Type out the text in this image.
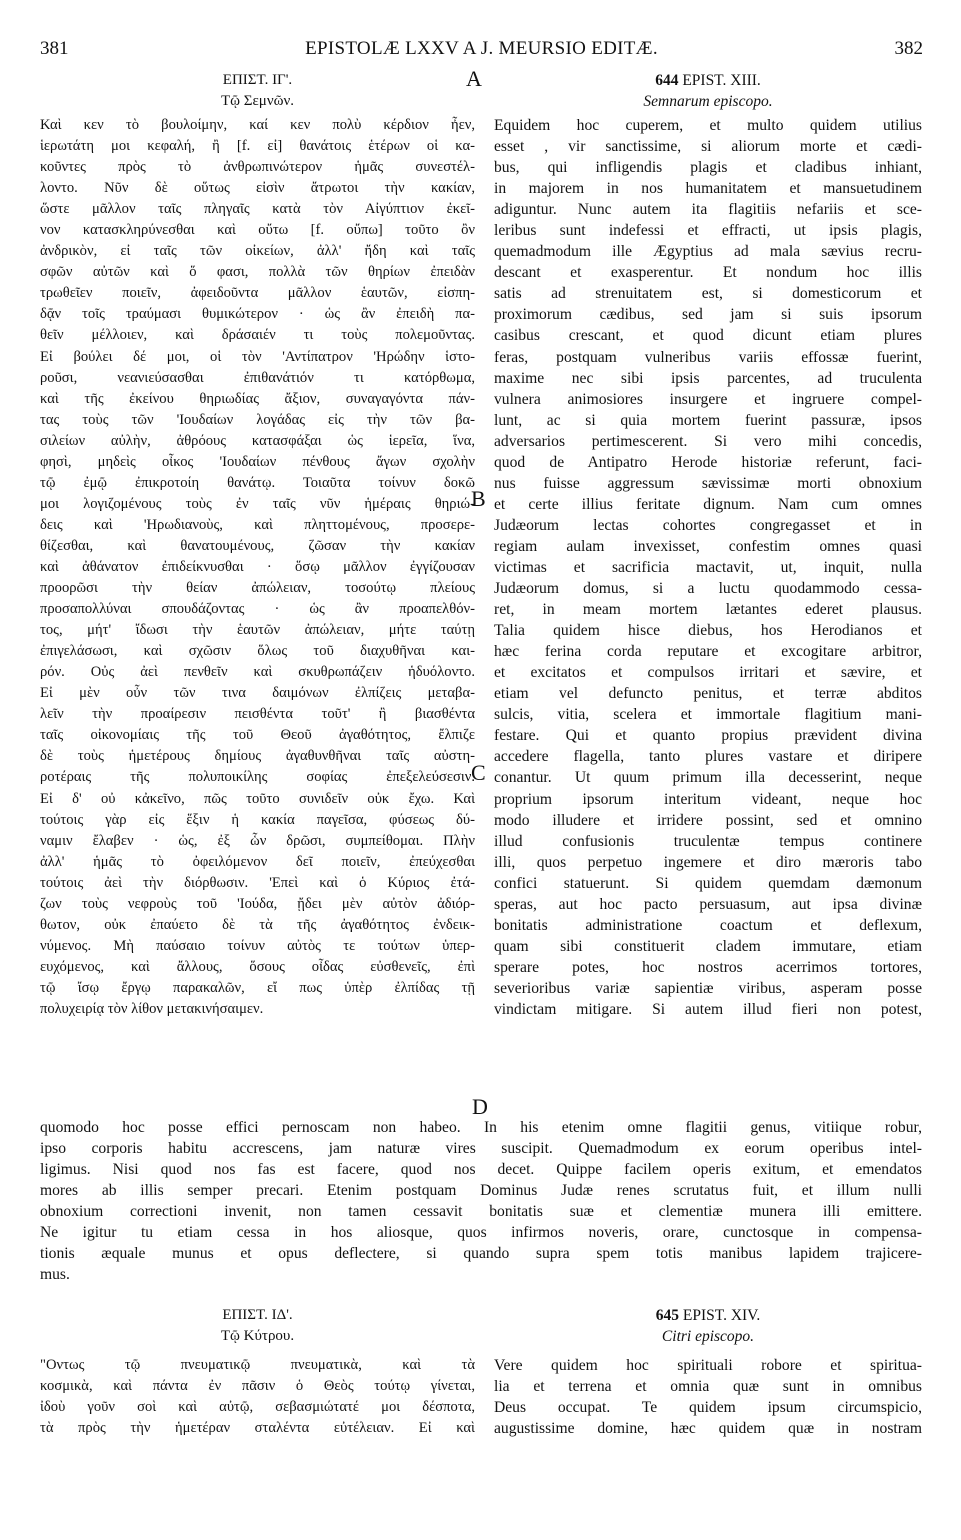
381	EPISTOLÆ LXXV A J. MEURSIO EDITÆ.	382
ΕΠΙΣΤ. ΙΓ'.
Τῷ Σεμνῶν.
644 EPIST. XIII.
Semnarum episcopo.
A
B
C
D
Καὶ κεν τὸ βουλοίμην, καί κεν πολὺ κέρδιον ἦεν,
ἱερωτάτη μοι κεφαλή, ἢ [f. εἰ] θανάτοις ἑτέρων οἱ κα-
κοῦντες πρὸς τὸ ἀνθρωπινώτερον ἡμᾶς συνεστέλ-
λοντο. Νῦν δὲ οὕτως εἰσὶν ἄτρωτοι τὴν κακίαν,
ὥστε μᾶλλον ταῖς πληγαῖς κατὰ τὸν Αἰγύπτιον ἐκεῖ-
νον κατασκληρύνεσθαι καὶ οὔτω [f. οὔπω] τοῦτο ὂν
ἀνδρικὸν, εἰ ταῖς τῶν οἰκείων, ἀλλ' ἤδη καὶ ταῖς
σφῶν αὐτῶν καὶ ὅ φασι, πολλὰ τῶν θηρίων ἐπειδὰν
τρωθεῖεν ποιεῖν, ἀφειδοῦντα μᾶλλον ἑαυτῶν, εἰσπη-
δᾷν τοῖς τραύμασι θυμικώτερον · ὡς ἂν ἐπειδὴ πα-
θεῖν μέλλοιεν, καὶ δράσαιέν τι τοὺς πολεμοῦντας.
Εἰ βούλει δέ μοι, οἱ τὸν 'Αντίπατρον 'Ηρώδην ἱστο-
ροῦσι, νεανιεύσασθαι ἐπιθανάτιόν τι κατόρθωμα,
καὶ τῆς ἐκείνου θηριωδίας ἄξιον, συναγαγόντα πάν-
τας τοὺς τῶν 'Ιουδαίων λογάδας εἰς τὴν τῶν βα-
σιλείων αὐλὴν, ἀθρόους κατασφάξαι ὡς ἱερεῖα, ἵνα,
φησὶ, μηδεὶς οἶκος 'Ιουδαίων πένθους ἄγων σχολὴν
τῷ ἐμῷ ἐπικροτοίη θανάτῳ. Τοιαῦτα τοίνυν δοκῶ
μοι λογιζομένους τοὺς ἐν ταῖς νῦν ἡμέραις θηριώ-
δεις καὶ 'Ηρωδιανοὺς, καὶ πληττομένους, προσερε-
θίζεσθαι, καὶ θανατουμένους, ζῶσαν τὴν κακίαν
καὶ ἀθάνατον ἐπιδείκνυσθαι · ὅσῳ μᾶλλον ἐγγίζουσαν
προορῶσι τὴν θείαν ἀπώλειαν, τοσούτῳ πλείους
προσαπολλύναι σπουδάζοντας · ὡς ἂν προαπελθόν-
τος, μήτ' ἴδωσι τὴν ἑαυτῶν ἀπώλειαν, μήτε ταύτῃ
ἐπιγελάσωσι, καὶ σχῶσιν ὅλως τοῦ διαχυθῆναι και-
ρόν. Οὐς ἀεὶ πενθεῖν καὶ σκυθρωπάζειν ἡδυόλοντο.
Εἰ μὲν οὖν τῶν τινα δαιμόνων ἐλπίζεις μεταβα-
λεῖν τὴν προαίρεσιν πεισθέντα τοῦτ' ἢ βιασθέντα
ταῖς οἰκονομίαις τῆς τοῦ Θεοῦ ἀγαθότητος, ἔλπιζε
δὲ τοὺς ἡμετέρους δημίους ἀγαθυνθῆναι ταῖς αὐστη-
ροτέραις τῆς πολυποικίλης σοφίας ἐπεξελεύσεσιν.
Εἰ δ' οὐ κἀκεῖνο, πῶς τοῦτο συνιδεῖν οὐκ ἔχω. Καὶ
τούτοις γὰρ εἰς ἕξιν ἡ κακία παγεῖσα, φύσεως δύ-
ναμιν ἔλαβεν · ὡς, ἐξ ὧν δρῶσι, συμπείθομαι. Πλὴν
ἀλλ' ἡμᾶς τὸ ὀφειλόμενον δεῖ ποιεῖν, ἐπεύχεσθαι
τούτοις ἀεὶ τὴν διόρθωσιν. 'Επεὶ καὶ ὁ Κύριος ἐτά-
ζων τοὺς νεφροὺς τοῦ 'Ιούδα, ᾔδει μὲν αὐτὸν ἀδιόρ-
θωτον, οὐκ ἐπαύετο δὲ τὰ τῆς ἀγαθότητος ἐνδεικ-
νύμενος. Μὴ παύσαιο τοίνυν αὐτὸς τε τούτων ὑπερ-
ευχόμενος, καὶ ἄλλους, ὅσους οἶδας εὐσθενεῖς, ἐπὶ
τῷ ἴσῳ ἔργῳ παρακαλῶν, εἴ πως ὑπὲρ ἐλπίδας τῇ
πολυχειρίᾳ τὸν λίθον μετακινήσαιμεν.
Equidem hoc cuperem, et multo quidem utilius
esset , vir sanctissime, si aliorum morte et cædi-
bus, qui infligendis plagis et cladibus inhiant,
in majorem in nos humanitatem et mansuetudinem
adiguntur. Nunc autem ita flagitiis nefariis et sce-
leribus sunt indefessi et effracti, ut ipsis plagis,
quemadmodum ille Ægyptius ad mala sævius recru-
descant et exasperentur. Et nondum hoc illis
satis ad strenuitatem est, si domesticorum et
proximorum cædibus, sed jam si suis ipsorum
casibus crescant, et quod dicunt etiam plures
feras, postquam vulneribus variis effossæ fuerint,
maxime nec sibi ipsis parcentes, ad truculenta
vulnera animosiores insurgere et ingruere compel-
lunt, ac si quia mortem fuerint passuræ, ipsos
adversarios pertimescerent. Si vero mihi concedis,
quod de Antipatro Herode historiæ referunt, faci-
nus fuisse aggressum sævissimæ morti obnoxium
et certe illius feritate dignum. Nam cum omnes
Judæorum lectas cohortes congregasset et in
regiam aulam invexisset, confestim omnes quasi
victimas et sacrificia mactavit, ut, inquit, nulla
Judæorum domus, si a luctu quodammodo cessa-
ret, in meam mortem lætantes ederet plausus.
Talia quidem hisce diebus, hos Herodianos et
hæc ferina corda reputare et excogitare arbitror,
et excitatos et compulsos irritari et sævire, et
etiam vel defuncto penitus, et terræ abditos
sulcis, vitia, scelera et immortale flagitium mani-
festare. Qui et quanto propius prævident divina
accedere flagella, tanto plures vastare et diripere
conantur. Ut quum primum illa decesserint, neque
proprium ipsorum interitum videant, neque hoc
modo illudere et irridere possint, sed et omnino
illud confusionis truculentæ tempus continere
illi, quos perpetuo ingemere et diro mæroris tabo
confici statuerunt. Si quidem quemdam dæmonum
speras, aut hoc pacto persuasum, aut ipsa divinæ
bonitatis administratione coactum et deflexum,
quam sibi constituerit cladem immutare, etiam
sperare potes, hoc nostros acerrimos tortores,
severioribus variæ sapientiæ viribus, asperam posse
vindictam mitigare. Si autem illud fieri non potest,
quomodo hoc posse effici pernoscam non habeo. In his etenim omne flagitii genus, vitiique robur,
ipso corporis habitu accrescens, jam naturæ vires suscipit. Quemadmodum ex eorum operibus intel-
ligimus. Nisi quod nos fas est facere, quod nos decet. Quippe facilem operis exitum, et emendatos
mores ab illis semper precari. Etenim postquam Dominus Judæ renes scrutatus fuit, et illum nulli
obnoxium correctioni invenit, non tamen cessavit bonitatis suæ et clementiæ munera illi emittere.
Ne igitur tu etiam cessa in hos aliosque, quos infirmos noveris, orare, cunctosque in compensa-
tionis æquale munus et opus deflectere, si quando supra spem totis manibus lapidem trajicere-
mus.
ΕΠΙΣΤ. ΙΔ'.
Τῷ Κύτρου.
645 EPIST. XIV.
Citri episcopo.
"Οντως τῷ πνευματικῷ πνευματικὰ, καὶ τὰ
κοσμικὰ, καὶ πάντα ἐν πᾶσιν ὁ Θεὸς τούτῳ γίνεται,
ἰδοὺ γοῦν σοὶ καὶ αὐτῷ, σεβασμιώτατέ μοι δέσποτα,
τὰ πρὸς τὴν ἡμετέραν σταλέντα εὐτέλειαν. Εἰ καὶ
Vere quidem hoc spirituali robore et spiritua-
lia et terrena et omnia quæ sunt in omnibus
Deus occupat. Te quidem ipsum circumspicio,
augustissime domine, hæc quidem quæ in nostram
